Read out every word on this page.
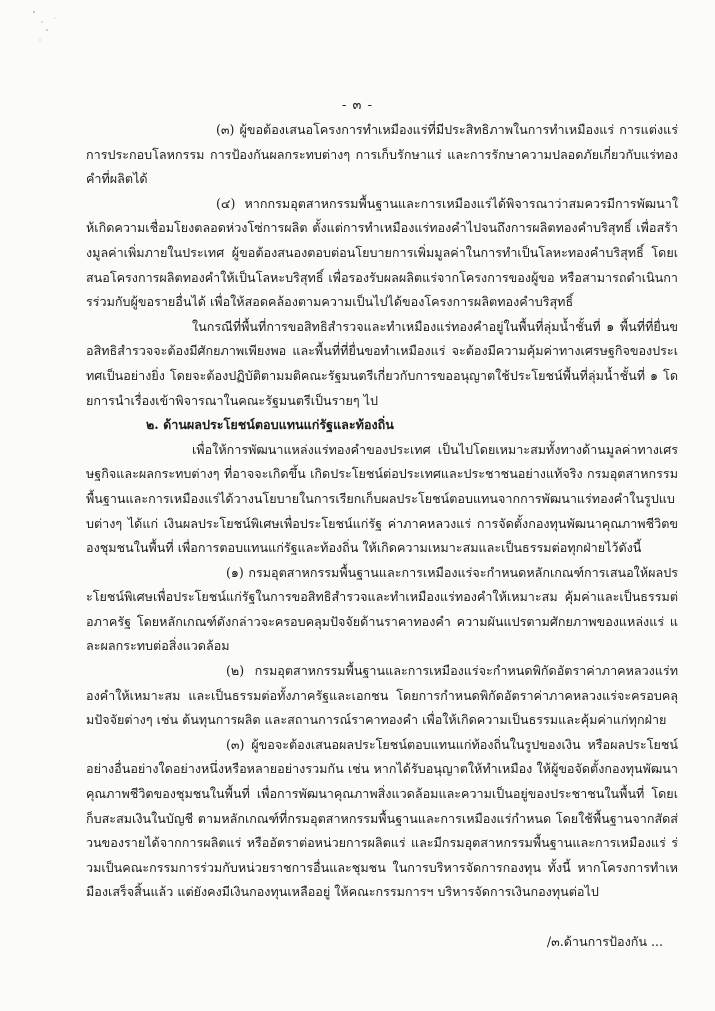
- ๓ -

(๓) ผู้ขอต้องเสนอโครงการทำเหมืองแร่ที่มีประสิทธิภาพในการทำเหมืองแร่ การแต่งแร่ การประกอบโลหกรรม การป้องกันผลกระทบต่างๆ การเก็บรักษาแร่ และการรักษาความปลอดภัยเกี่ยวกับแร่ทองคำที่ผลิตได้

(๔) หากกรมอุตสาหกรรมพื้นฐานและการเหมืองแร่ได้พิจารณาว่าสมควรมีการพัฒนาให้เกิดความเชื่อมโยงตลอดห่วงโซ่การผลิต ตั้งแต่การทำเหมืองแร่ทองคำไปจนถึงการผลิตทองคำบริสุทธิ์ เพื่อสร้างมูลค่าเพิ่มภายในประเทศ ผู้ขอต้องสนองตอบต่อนโยบายการเพิ่มมูลค่าในการทำเป็นโลหะทองคำบริสุทธิ์ โดยเสนอโครงการผลิตทองคำให้เป็นโลหะบริสุทธิ์ เพื่อรองรับผลผลิตแร่จากโครงการของผู้ขอ หรือสามารถดำเนินการร่วมกับผู้ขอรายอื่นได้ เพื่อให้สอดคล้องตามความเป็นไปได้ของโครงการผลิตทองคำบริสุทธิ์

ในกรณีที่พื้นที่การขอสิทธิสำรวจและทำเหมืองแร่ทองคำอยู่ในพื้นที่ลุ่มน้ำชั้นที่ ๑ พื้นที่ที่ยื่นขอสิทธิสำรวจจะต้องมีศักยภาพเพียงพอ และพื้นที่ที่ยื่นขอทำเหมืองแร่ จะต้องมีความคุ้มค่าทางเศรษฐกิจของประเทศเป็นอย่างยิ่ง โดยจะต้องปฏิบัติตามมติคณะรัฐมนตรีเกี่ยวกับการขออนุญาตใช้ประโยชน์พื้นที่ลุ่มน้ำชั้นที่ ๑ โดยการนำเรื่องเข้าพิจารณาในคณะรัฐมนตรีเป็นรายๆ ไป

๒. ด้านผลประโยชน์ตอบแทนแก่รัฐและท้องถิ่น

เพื่อให้การพัฒนาแหล่งแร่ทองคำของประเทศ เป็นไปโดยเหมาะสมทั้งทางด้านมูลค่าทางเศรษฐกิจและผลกระทบต่างๆ ที่อาจจะเกิดขึ้น เกิดประโยชน์ต่อประเทศและประชาชนอย่างแท้จริง กรมอุตสาหกรรมพื้นฐานและการเหมืองแร่ได้วางนโยบายในการเรียกเก็บผลประโยชน์ตอบแทนจากการพัฒนาแร่ทองคำในรูปแบบต่างๆ ได้แก่ เงินผลประโยชน์พิเศษเพื่อประโยชน์แก่รัฐ ค่าภาคหลวงแร่ การจัดตั้งกองทุนพัฒนาคุณภาพชีวิตของชุมชนในพื้นที่ เพื่อการตอบแทนแก่รัฐและท้องถิ่น ให้เกิดความเหมาะสมและเป็นธรรมต่อทุกฝ่ายไว้ดังนี้

(๑) กรมอุตสาหกรรมพื้นฐานและการเหมืองแร่จะกำหนดหลักเกณฑ์การเสนอให้ผลประโยชน์พิเศษเพื่อประโยชน์แก่รัฐในการขอสิทธิสำรวจและทำเหมืองแร่ทองคำให้เหมาะสม คุ้มค่าและเป็นธรรมต่อภาครัฐ โดยหลักเกณฑ์ดังกล่าวจะครอบคลุมปัจจัยด้านราคาทองคำ ความผันแปรตามศักยภาพของแหล่งแร่ และผลกระทบต่อสิ่งแวดล้อม

(๒) กรมอุตสาหกรรมพื้นฐานและการเหมืองแร่จะกำหนดพิกัดอัตราค่าภาคหลวงแร่ทองคำให้เหมาะสม และเป็นธรรมต่อทั้งภาครัฐและเอกชน โดยการกำหนดพิกัดอัตราค่าภาคหลวงแร่จะครอบคลุมปัจจัยต่างๆ เช่น ต้นทุนการผลิต และสถานการณ์ราคาทองคำ เพื่อให้เกิดความเป็นธรรมและคุ้มค่าแก่ทุกฝ่าย

(๓) ผู้ขอจะต้องเสนอผลประโยชน์ตอบแทนแก่ท้องถิ่นในรูปของเงิน หรือผลประโยชน์อย่างอื่นอย่างใดอย่างหนึ่งหรือหลายอย่างรวมกัน เช่น หากได้รับอนุญาตให้ทำเหมือง ให้ผู้ขอจัดตั้งกองทุนพัฒนาคุณภาพชีวิตของชุมชนในพื้นที่ เพื่อการพัฒนาคุณภาพสิ่งแวดล้อมและความเป็นอยู่ของประชาชนในพื้นที่ โดยเก็บสะสมเงินในบัญชี ตามหลักเกณฑ์ที่กรมอุตสาหกรรมพื้นฐานและการเหมืองแร่กำหนด โดยใช้พื้นฐานจากสัดส่วนของรายได้จากการผลิตแร่ หรืออัตราต่อหน่วยการผลิตแร่ และมีกรมอุตสาหกรรมพื้นฐานและการเหมืองแร่ ร่วมเป็นคณะกรรมการร่วมกับหน่วยราชการอื่นและชุมชน ในการบริหารจัดการกองทุน ทั้งนี้ หากโครงการทำเหมืองเสร็จสิ้นแล้ว แต่ยังคงมีเงินกองทุนเหลืออยู่ ให้คณะกรรมการฯ บริหารจัดการเงินกองทุนต่อไป

/๓.ด้านการป้องกัน ...
